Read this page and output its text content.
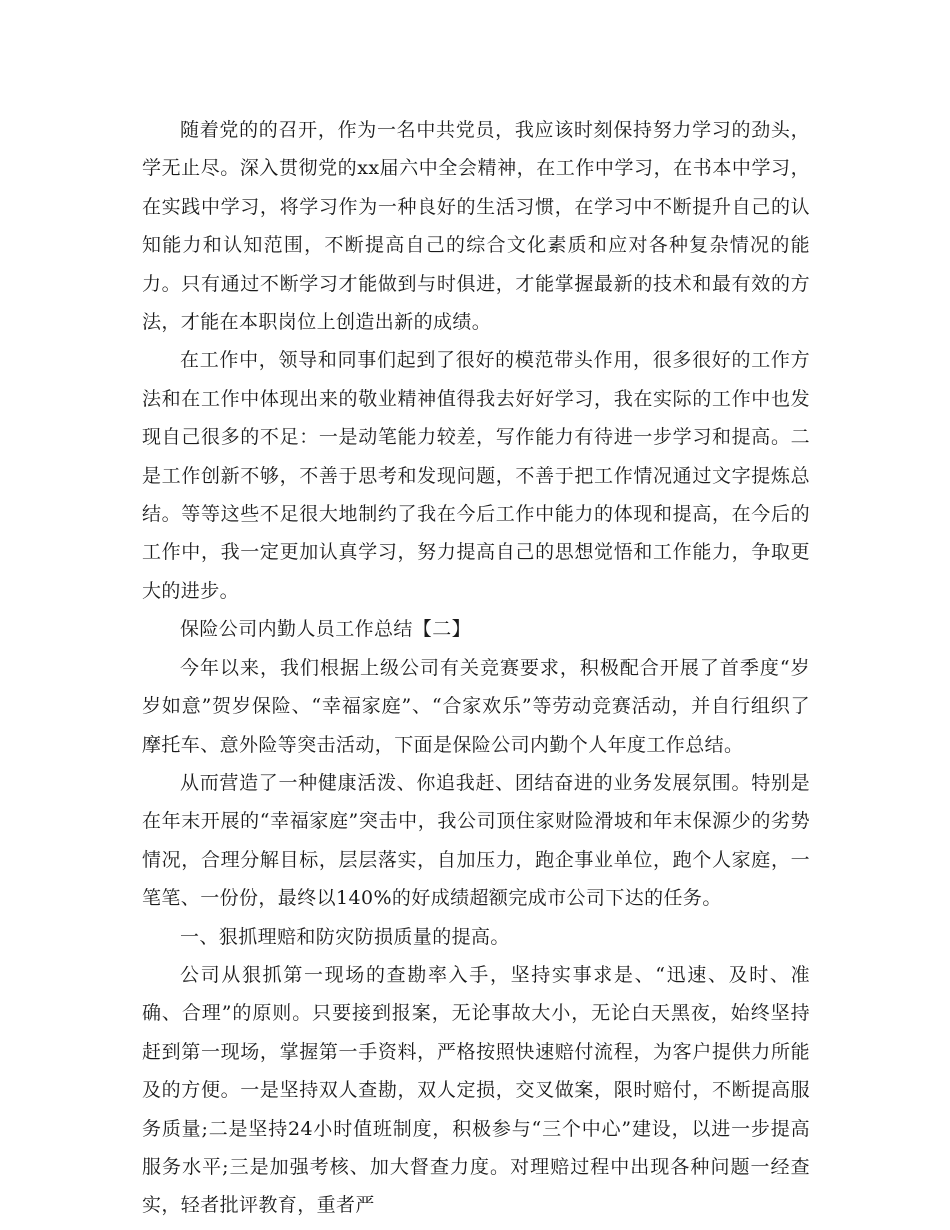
随着党的的召开，作为一名中共党员，我应该时刻保持努力学习的劲头，学无止尽。深入贯彻党的xx届六中全会精神，在工作中学习，在书本中学习，在实践中学习，将学习作为一种良好的生活习惯，在学习中不断提升自己的认知能力和认知范围，不断提高自己的综合文化素质和应对各种复杂情况的能 力。只有通过不断学习才能做到与时俱进，才能掌握最新的技术和最有效的方法，才能在本职岗位上创造出新的成绩。

在工作中，领导和同事们起到了很好的模范带头作用，很多很好的工作方法和在工作中体现出来的敬业精神值得我去好好学习，我在实际的工作中也发现自己很多的不足：一是动笔能力较差，写作能力有待进一步学习和提高。二是工作创新不够，不善于思考和发现问题，不善于把工作情况通过文字提炼总结。等等这些不足很大地制约了我在今后工作中能力的体现和提高，在今后的工作中，我一定更加认真学习，努力提高自己的思想觉悟和工作能力，争取更大的进步。

保险公司内勤人员工作总结【二】

今年以来，我们根据上级公司有关竞赛要求，积极配合开展了首季度“岁岁如意”贺岁保险、“幸福家庭”、“合家欢乐”等劳动竞赛活动，并自行组织了摩托车、意外险等突击活动，下面是保险公司内勤个人年度工作总结。

从而营造了一种健康活泼、你追我赶、团结奋进的业务发展氛围。特别是在年末开展的“幸福家庭”突击中，我公司顶住家财险滑坡和年末保源少的劣势情况，合理分解目标，层层落实，自加压力，跑企事业单位，跑个人家庭，一笔笔、一份份，最终以140%的好成绩超额完成市公司下达的任务。

一、狠抓理赔和防灾防损质量的提高。

公司从狠抓第一现场的查勘率入手，坚持实事求是、“迅速、及时、准确、合理”的原则。只要接到报案，无论事故大小，无论白天黑夜，始终坚持赶到第一现场，掌握第一手资料，严格按照快速赔付流程，为客户提供力所能及的方便。一是坚持双人查勘，双人定损，交叉做案，限时赔付，不断提高服务质量;二是坚持24小时值班制度，积极参与“三个中心”建设，以进一步提高服务水平;三是加强考核、加大督查力度。对理赔过程中出现各种问题一经查实，轻者批评教育，重者严
